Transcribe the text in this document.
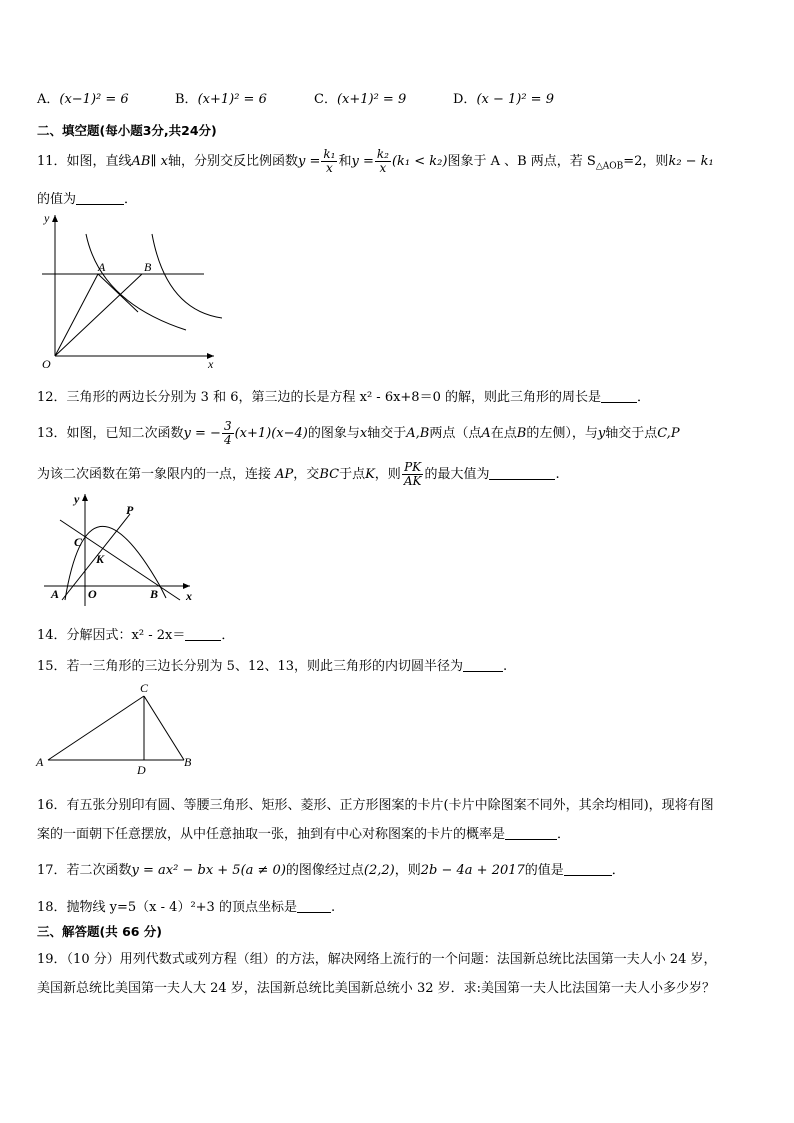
A．(x−1)² = 6	B．(x+1)² = 6	C．(x+1)² = 9	D．(x − 1)² = 9
二、填空题(每小题3分,共24分)
11．如图，直线AB∥ x轴，分别交反比例函数$y = \frac{\text{k₁}}{x}$ 和$y = \frac{\text{k₂}}{x} (k_1 < k_2)$图象于 A 、B 两点，若 $S_{\triangle AOB}=2$，则k₂ − k₁
的值为	．
y
A	B
O	x
12．三角形的两边长分别为 3 和 6，第三边的长是方程 x² - 6x+8＝0 的解，则此三角形的周长是	．
13．如图，已知二次函数y = − $\frac{3}{4} (x+1)(x-4)$的图象与x轴交于A,B两点（点A在点B的左侧），与y轴交于点C,P
为该二次函数在第一象限内的一点，连接 AP，交BC于点K，则 $\frac{PK}{AK}$ 的最大值为	.
y
P
C
K
A O	B x
14．分解因式：x² - 2x＝	．
15．若一三角形的三边长分别为 5、12、13，则此三角形的内切圆半径为	.
C
A
D
B
16．有五张分别印有圆、等腰三角形、矩形、菱形、正方形图案的卡片(卡片中除图案不同外，其余均相同)，现将有图
案的一面朝下任意摆放，从中任意抽取一张，抽到有中心对称图案的卡片的概率是	．
17．若二次函数y = ax² − bx + 5(a ≠ 0)的图像经过点(2,2)，则2b − 4a + 2017的值是	．
18．抛物线 y=5（x - 4）²+3 的顶点坐标是	.
三、解答题(共 66 分)
19．（10 分）用列代数式或列方程（组）的方法，解决网络上流行的一个问题：法国新总统比法国第一夫人小 24 岁，
美国新总统比美国第一夫人大 24 岁，法国新总统比美国新总统小 32 岁．求:美国第一夫人比法国第一夫人小多少岁？
